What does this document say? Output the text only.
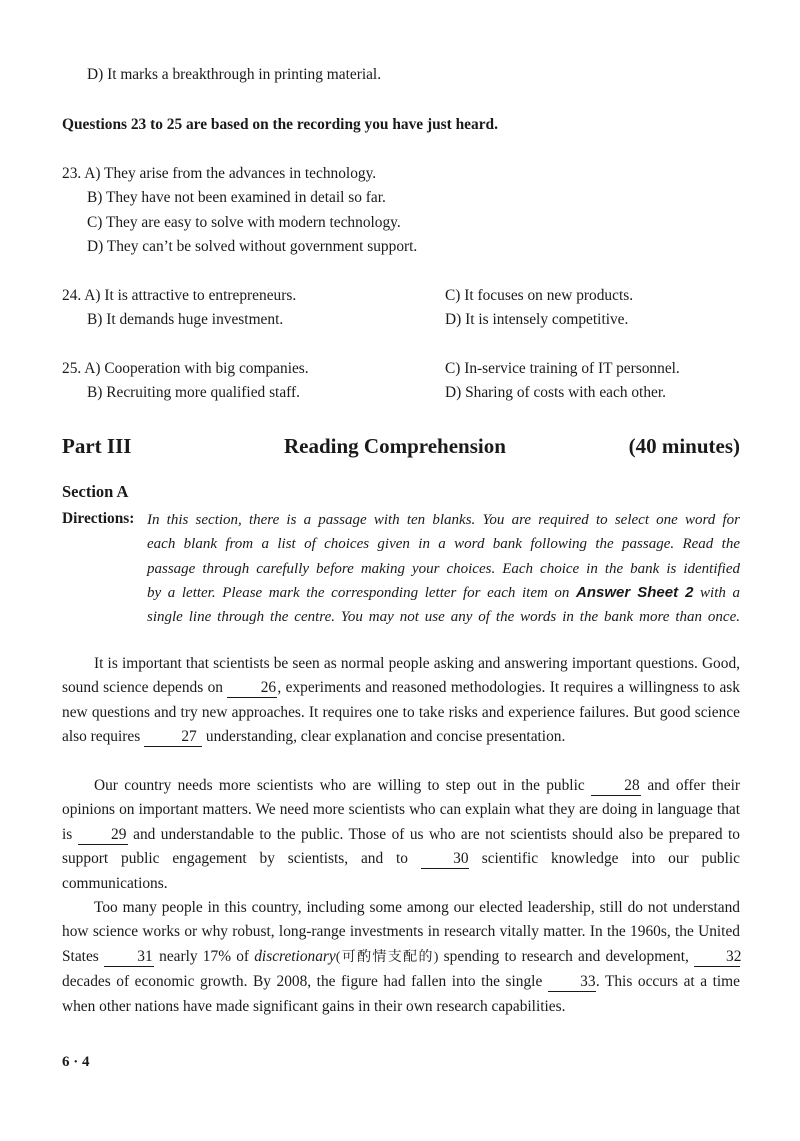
D) It marks a breakthrough in printing material.
Questions 23 to 25 are based on the recording you have just heard.
23. A) They arise from the advances in technology.
B) They have not been examined in detail so far.
C) They are easy to solve with modern technology.
D) They can’t be solved without government support.
24. A) It is attractive to entrepreneurs.	C) It focuses on new products.
B) It demands huge investment.	D) It is intensely competitive.
25. A) Cooperation with big companies.	C) In-service training of IT personnel.
B) Recruiting more qualified staff.	D) Sharing of costs with each other.
Part III	Reading Comprehension	(40 minutes)
Section A
Directions: In this section, there is a passage with ten blanks. You are required to select one word for
each blank from a list of choices given in a word bank following the passage. Read the
passage through carefully before making your choices. Each choice in the bank is identified
by a letter. Please mark the corresponding letter for each item on Answer Sheet 2 with a
single line through the centre. You may not use any of the words in the bank more than once.
It is important that scientists be seen as normal people asking and answering important questions. Good, sound science depends on 26, experiments and reasoned methodologies. It requires a willingness to ask new questions and try new approaches. It requires one to take risks and experience failures. But good science also requires 27 understanding, clear explanation and concise presentation.
Our country needs more scientists who are willing to step out in the public 28 and offer their opinions on important matters. We need more scientists who can explain what they are doing in language that is 29 and understandable to the public. Those of us who are not scientists should also be prepared to support public engagement by scientists, and to 30 scientific knowledge into our public communications.
Too many people in this country, including some among our elected leadership, still do not understand how science works or why robust, long-range investments in research vitally matter. In the 1960s, the United States 31 nearly 17% of discretionary(可酌情支配的) spending to research and development, 32 decades of economic growth. By 2008, the figure had fallen into the single 33. This occurs at a time when other nations have made significant gains in their own research capabilities.
6 · 4
